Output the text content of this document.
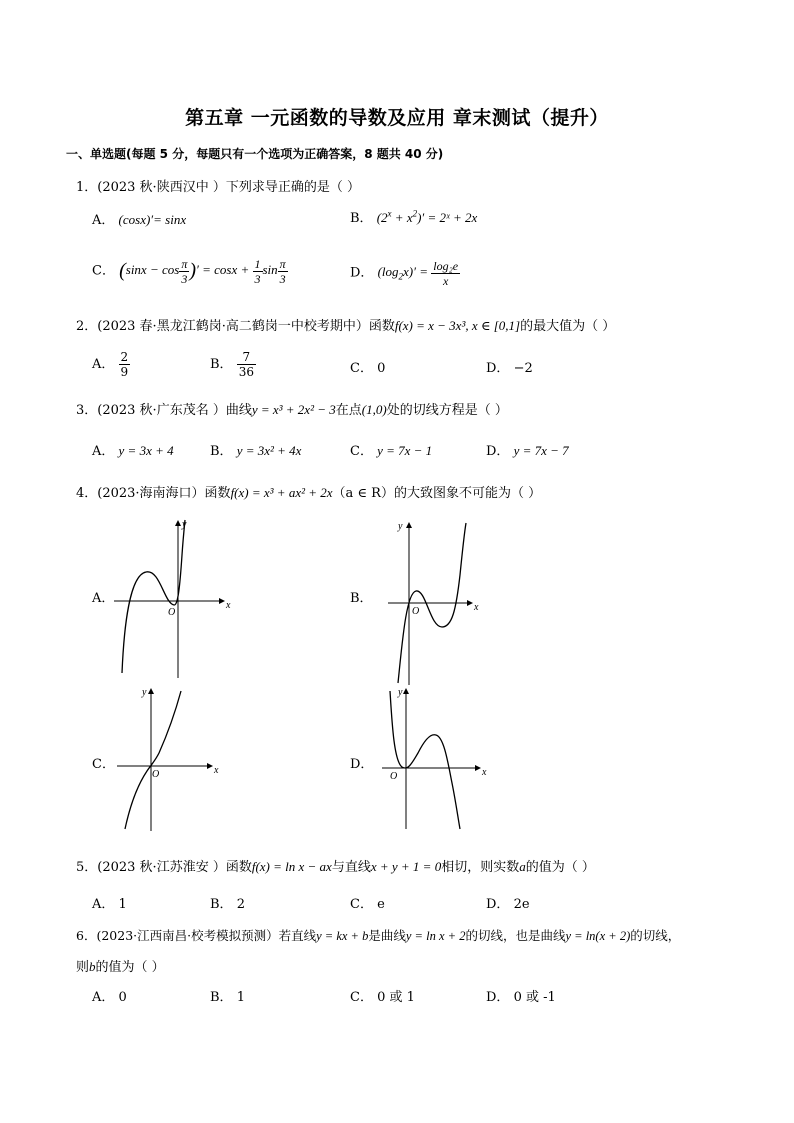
第五章 一元函数的导数及应用 章末测试（提升）
一、单选题(每题 5 分，每题只有一个选项为正确答案，8 题共 40 分)
1．(2023 秋·陕西汉中 ）下列求导正确的是（ ）
A． (cosx)′= sinx	B． $(2^x + x^2)'$ = 2ˣ + 2x
C． ($\sin x - \cos \frac{\pi}{3}$ )′ = $\cos x + \frac{1}{3}$ $\sin \frac{\pi}{3}$	D． $(\log_2x)' = \frac{\text{log₂e}}{x}$
2．(2023 春·黑龙江鹤岗·高二鹤岗一中校考期中）函数f(x) = x − 3x³, x ∈ [0,1]的最大值为（ ）
A． $\frac{2}{9}$	B． $\frac{7}{36}$	C． 0	D． −2
3．(2023 秋·广东茂名 ）曲线y = x³ + 2x² − 3在点(1,0)处的切线方程是（ ）
A． y = 3x + 4	B． y = 3x² + 4x	C． y = 7x − 1	D． y = 7x − 7
4．(2023·海南海口）函数f(x) = x³ + ax² + 2x（a ∈ R）的大致图象不可能为（ ）
A．	B．
C．	D．
x
y
O	x
y
O
x
y
O	x
y
O
5．(2023 秋·江苏淮安 ）函数f(x) = ln x − ax与直线x + y + 1 = 0相切，则实数a的值为（ ）
A． 1	B． 2	C． e	D． 2e
6．(2023·江西南昌·校考模拟预测）若直线y = kx + b是曲线y = ln x + 2的切线，也是曲线y = ln(x + 2)的切线，
则b的值为（ ）
A． 0	B． 1	C． 0 或 1	D． 0 或 -1
